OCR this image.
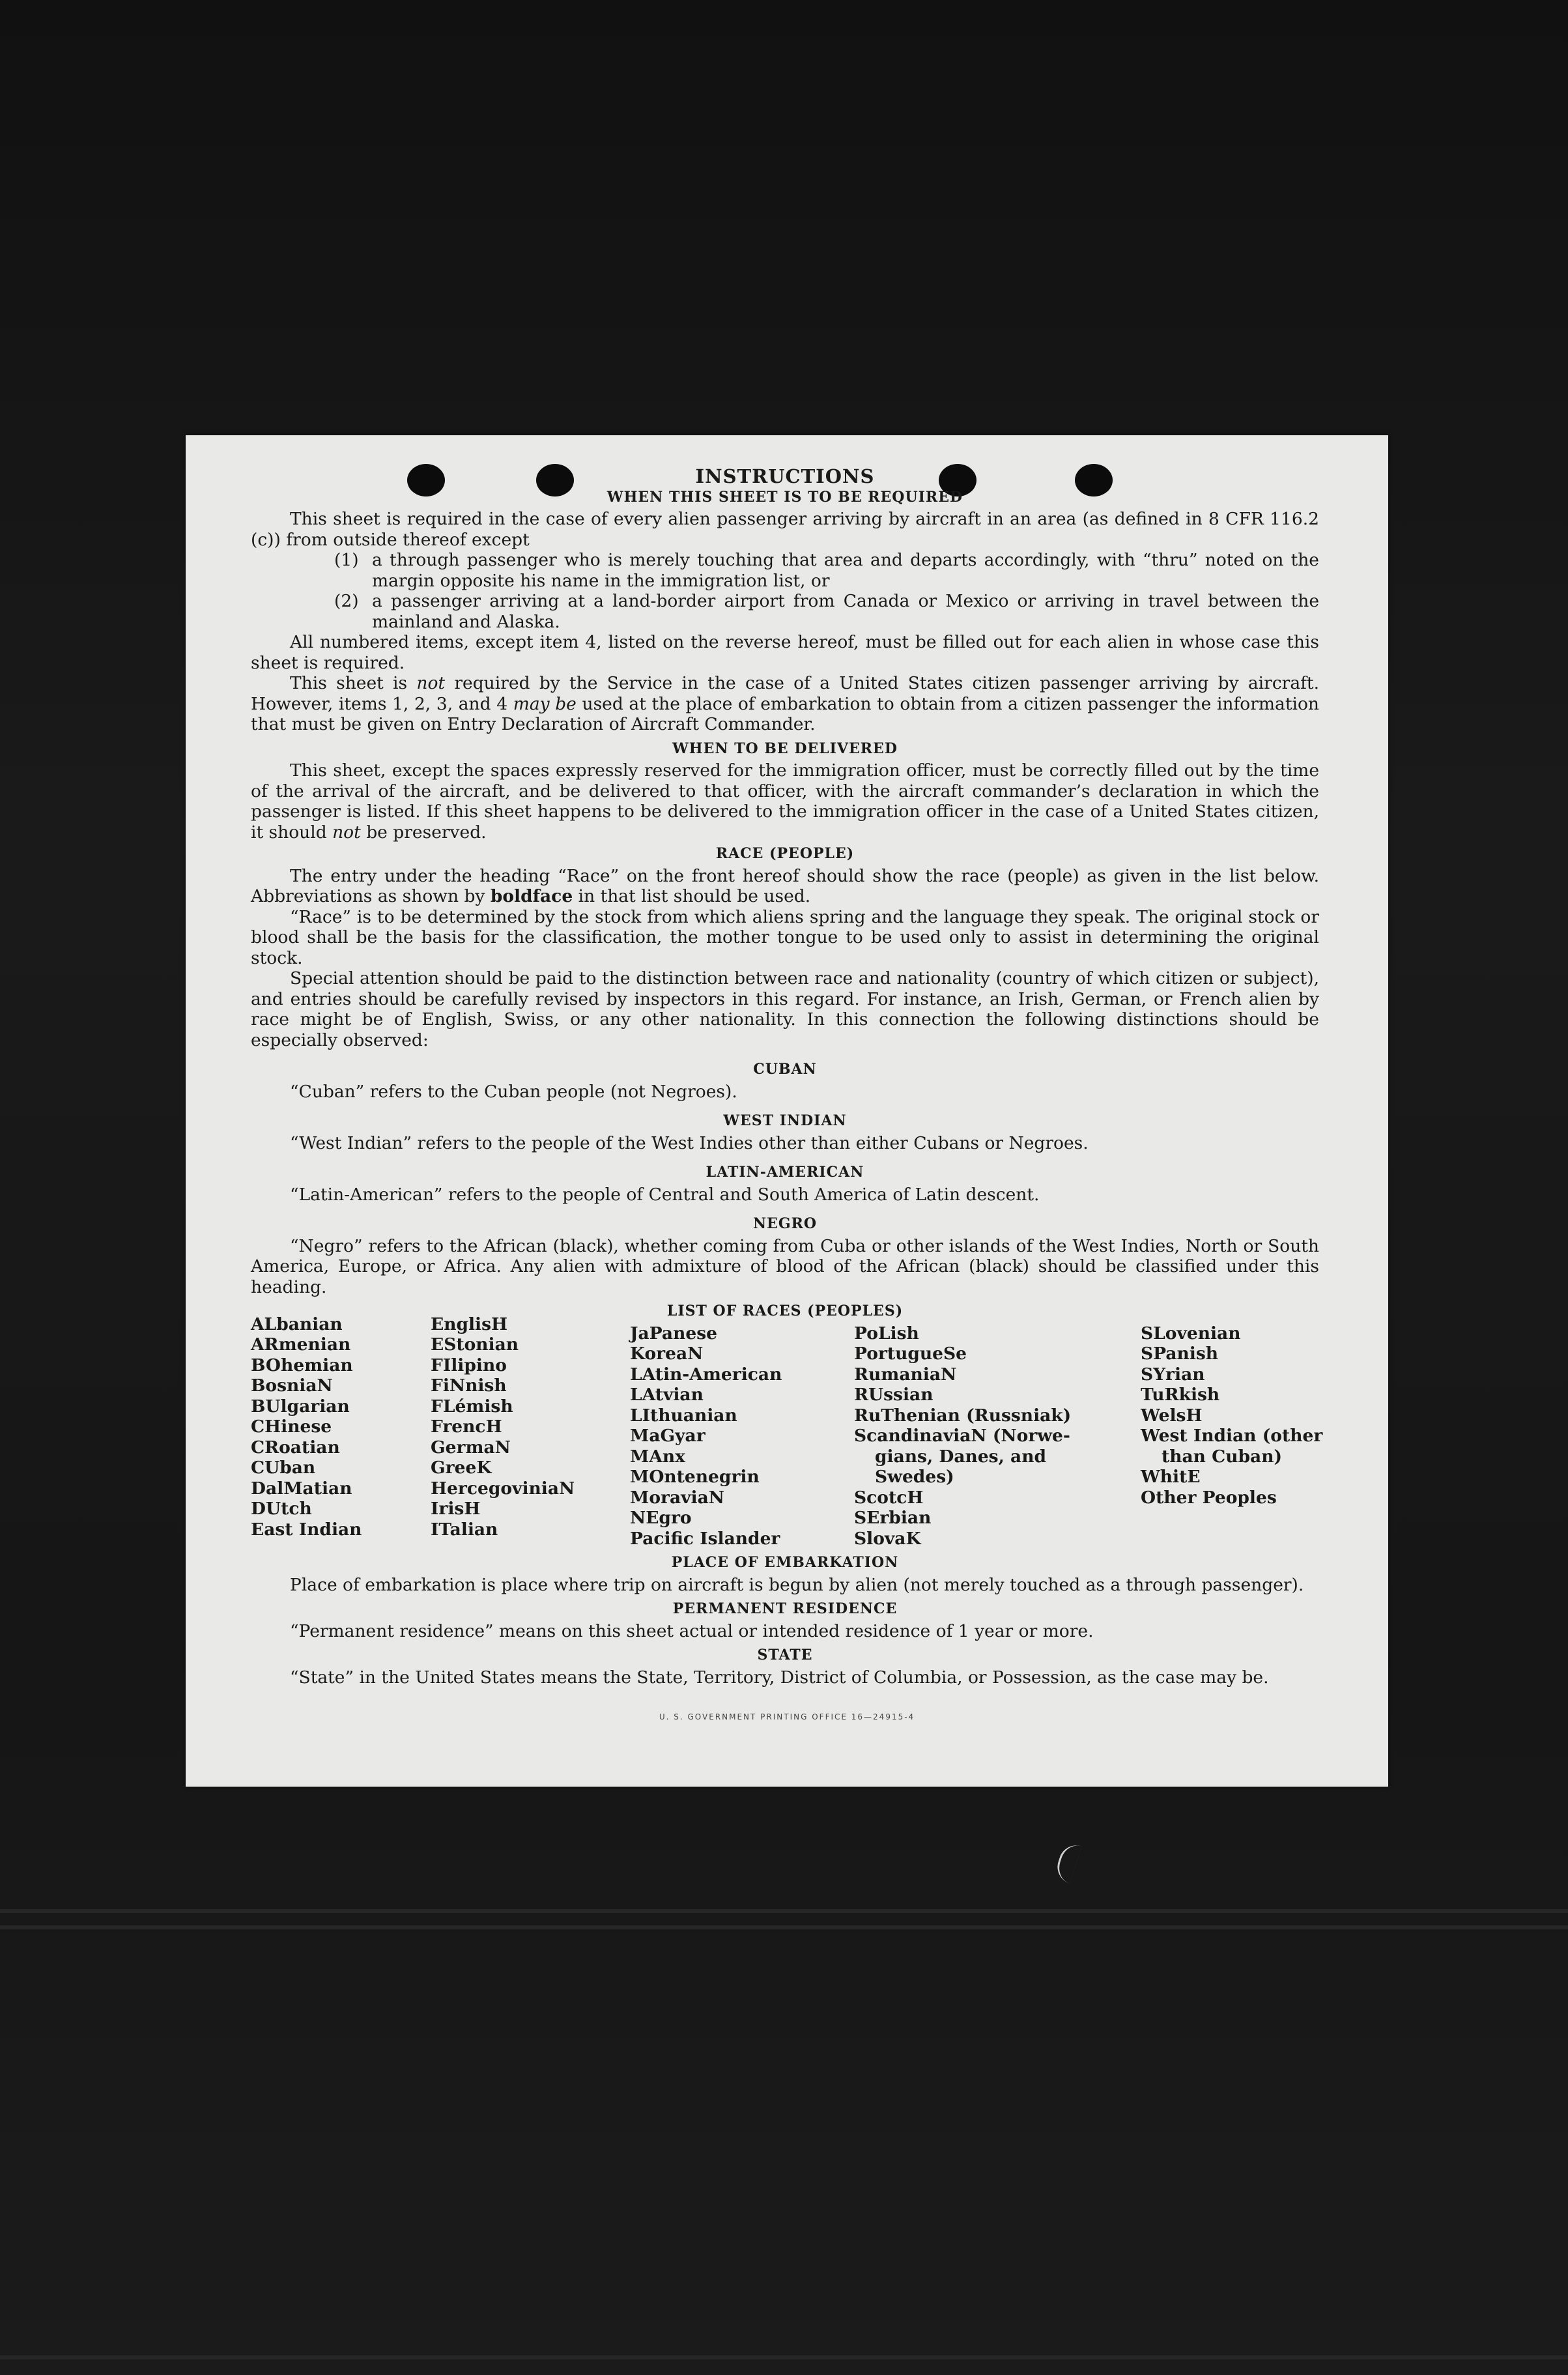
INSTRUCTIONS
WHEN THIS SHEET IS TO BE REQUIRED

This sheet is required in the case of every alien passenger arriving by aircraft in an area (as defined in 8 CFR 116.2 (c)) from outside thereof except

(1) a through passenger who is merely touching that area and departs accordingly, with “thru” noted on the margin opposite his name in the immigration list, or
(2) a passenger arriving at a land-border airport from Canada or Mexico or arriving in travel between the mainland and Alaska.

All numbered items, except item 4, listed on the reverse hereof, must be filled out for each alien in whose case this sheet is required.

This sheet is not required by the Service in the case of a United States citizen passenger arriving by aircraft. However, items 1, 2, 3, and 4 may be used at the place of embarkation to obtain from a citizen passenger the information that must be given on Entry Declaration of Aircraft Commander.

WHEN TO BE DELIVERED

This sheet, except the spaces expressly reserved for the immigration officer, must be correctly filled out by the time of the arrival of the aircraft, and be delivered to that officer, with the aircraft commander’s declaration in which the passenger is listed. If this sheet happens to be delivered to the immigration officer in the case of a United States citizen, it should not be preserved.

RACE (PEOPLE)

The entry under the heading “Race” on the front hereof should show the race (people) as given in the list below. Abbreviations as shown by boldface in that list should be used.

“Race” is to be determined by the stock from which aliens spring and the language they speak. The original stock or blood shall be the basis for the classification, the mother tongue to be used only to assist in determining the original stock.

Special attention should be paid to the distinction between race and nationality (country of which citizen or subject), and entries should be carefully revised by inspectors in this regard. For instance, an Irish, German, or French alien by race might be of English, Swiss, or any other nationality. In this connection the following distinctions should be especially observed:

CUBAN

“Cuban” refers to the Cuban people (not Negroes).

WEST INDIAN

“West Indian” refers to the people of the West Indies other than either Cubans or Negroes.

LATIN-AMERICAN

“Latin-American” refers to the people of Central and South America of Latin descent.

NEGRO

“Negro” refers to the African (black), whether coming from Cuba or other islands of the West Indies, North or South America, Europe, or Africa. Any alien with admixture of blood of the African (black) should be classified under this heading.

LIST OF RACES (PEOPLES)
ALbanian
ARmenian
BOhemian
BosniaN
BUlgarian
CHinese
CRoatian
CUban
DalMatian
DUtch
East Indian
EnglisH
EStonian
FIlipino
FiNnish
FLémish
FrencH
GermaN
GreeK
HercegoviniaN
IrisH
ITalian
JaPanese
KoreaN
LAtin-American
LAtvian
LIthuanian
MaGyar
MAnx
MOntenegrin
MoraviaN
NEgro
Pacific Islander
PoLish
PortugueSe
RumaniaN
RUssian
RuThenian (Russniak)
ScandinaviaN (Norwe-
gians, Danes, and
Swedes)
ScotcH
SErbian
SlovaK
SLovenian
SPanish
SYrian
TuRkish
WelsH
West Indian (other
than Cuban)
WhitE
Other Peoples
PLACE OF EMBARKATION

Place of embarkation is place where trip on aircraft is begun by alien (not merely touched as a through passenger).

PERMANENT RESIDENCE

“Permanent residence” means on this sheet actual or intended residence of 1 year or more.

STATE

“State” in the United States means the State, Territory, District of Columbia, or Possession, as the case may be.

U. S. GOVERNMENT PRINTING OFFICE 16—24915-4
